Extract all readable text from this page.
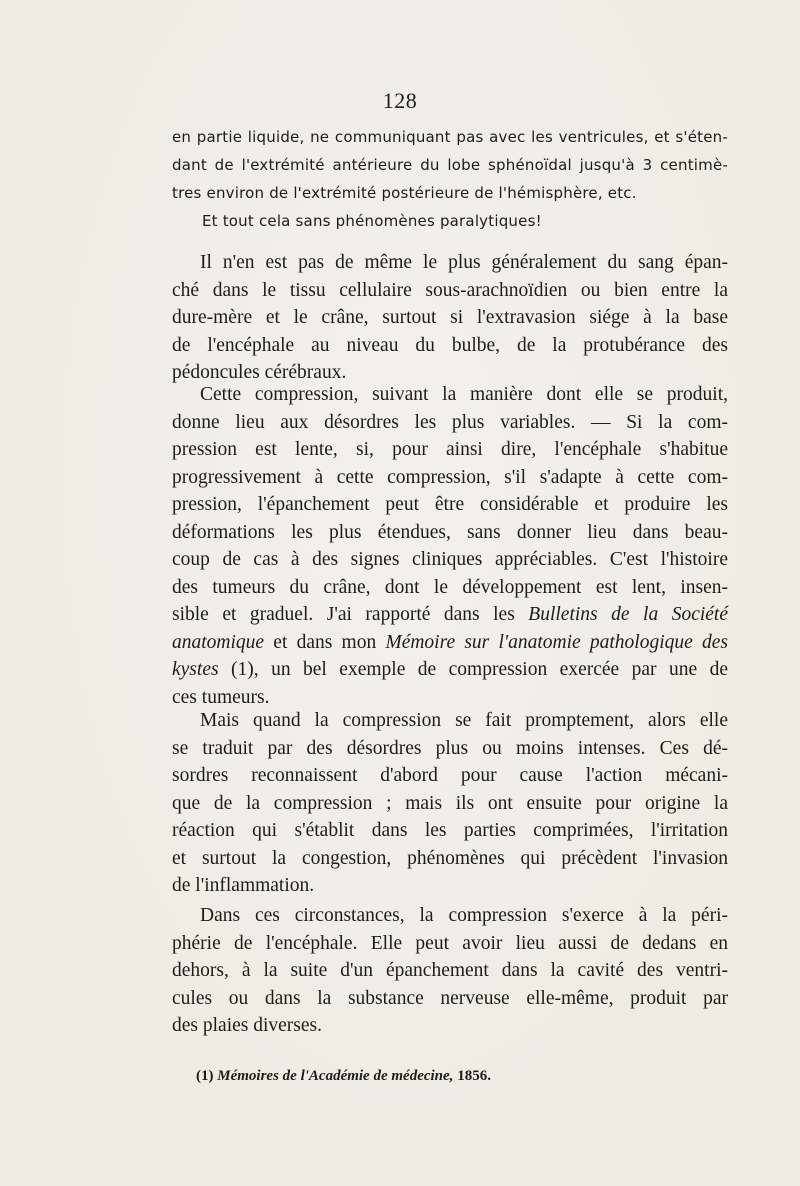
128
en partie liquide, ne communiquant pas avec les ventricules, et s'éten-
dant de l'extrémité antérieure du lobe sphénoïdal jusqu'à 3 centimè-
tres environ de l'extrémité postérieure de l'hémisphère, etc.
Et tout cela sans phénomènes paralytiques!
Il n'en est pas de même le plus généralement du sang épan-
ché dans le tissu cellulaire sous-arachnoïdien ou bien entre la
dure-mère et le crâne, surtout si l'extravasion siége à la base
de l'encéphale au niveau du bulbe, de la protubérance des
pédoncules cérébraux.
Cette compression, suivant la manière dont elle se produit,
donne lieu aux désordres les plus variables. — Si la com-
pression est lente, si, pour ainsi dire, l'encéphale s'habitue
progressivement à cette compression, s'il s'adapte à cette com-
pression, l'épanchement peut être considérable et produire les
déformations les plus étendues, sans donner lieu dans beau-
coup de cas à des signes cliniques appréciables. C'est l'histoire
des tumeurs du crâne, dont le développement est lent, insen-
sible et graduel. J'ai rapporté dans les Bulletins de la Société
anatomique et dans mon Mémoire sur l'anatomie pathologique des
kystes (1), un bel exemple de compression exercée par une de
ces tumeurs.
Mais quand la compression se fait promptement, alors elle
se traduit par des désordres plus ou moins intenses. Ces dé-
sordres reconnaissent d'abord pour cause l'action mécani-
que de la compression ; mais ils ont ensuite pour origine la
réaction qui s'établit dans les parties comprimées, l'irritation
et surtout la congestion, phénomènes qui précèdent l'invasion
de l'inflammation.
Dans ces circonstances, la compression s'exerce à la péri-
phérie de l'encéphale. Elle peut avoir lieu aussi de dedans en
dehors, à la suite d'un épanchement dans la cavité des ventri-
cules ou dans la substance nerveuse elle-même, produit par
des plaies diverses.
(1) Mémoires de l'Académie de médecine, 1856.
